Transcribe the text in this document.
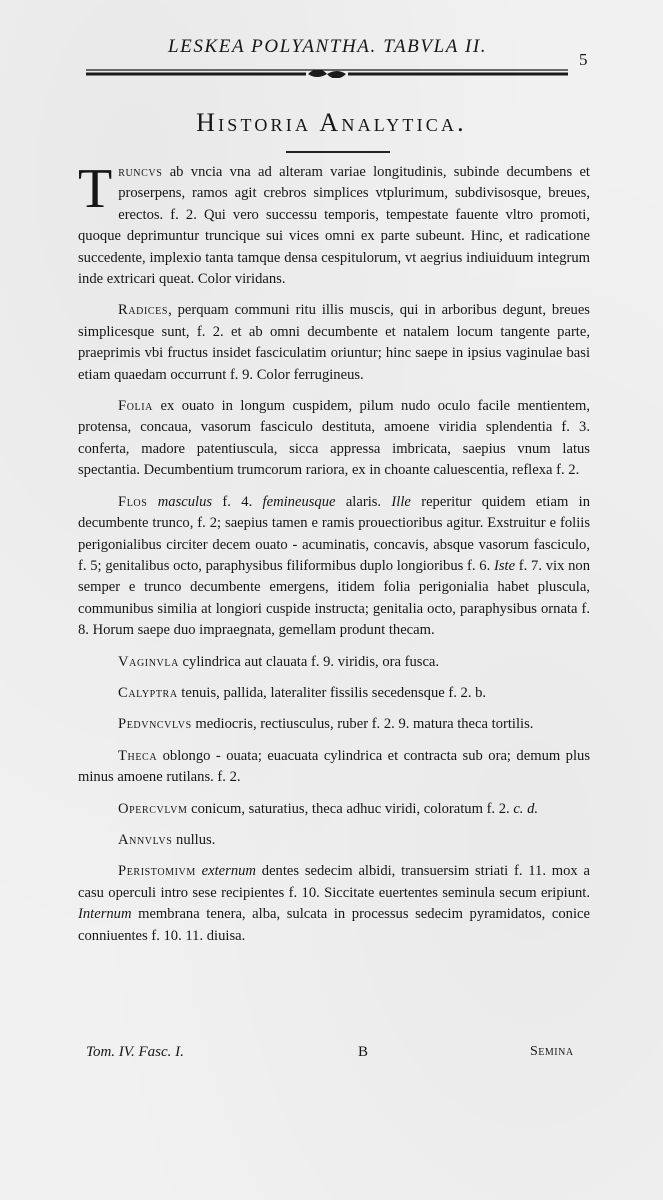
LESKEA POLYANTHA. TABVLA II.
5
Historia Analytica.

Truncvs ab vncia vna ad alteram variae longitudinis, subinde decumbens et proserpens, ramos agit crebros simplices vtplurimum, subdivisosque, breues, erectos. f. 2. Qui vero successu temporis, tempestate fauente vltro promoti, quoque deprimuntur truncique sui vices omni ex parte subeunt. Hinc, et radicatione succedente, implexio tanta tamque densa cespitulorum, vt aegrius indiuiduum integrum inde extricari queat. Color viridans.

Radices, perquam communi ritu illis muscis, qui in arboribus degunt, breues simplicesque sunt, f. 2. et ab omni decumbente et natalem locum tangente parte, praeprimis vbi fructus insidet fasciculatim oriuntur; hinc saepe in ipsius vaginulae basi etiam quaedam occurrunt f. 9. Color ferrugineus.

Folia ex ouato in longum cuspidem, pilum nudo oculo facile mentientem, protensa, concaua, vasorum fasciculo destituta, amoene viridia splendentia f. 3. conferta, madore patentiuscula, sicca appressa imbricata, saepius vnum latus spectantia. Decumbentium trumcorum rariora, ex in choante caluescentia, reflexa f. 2.

Flos masculus f. 4. femineusque alaris. Ille reperitur quidem etiam in decumbente trunco, f. 2; saepius tamen e ramis prouectioribus agitur. Exstruitur e foliis perigonialibus circiter decem ouato - acuminatis, concavis, absque vasorum fasciculo, f. 5; genitalibus octo, paraphysibus filiformibus duplo longioribus f. 6. Iste f. 7. vix non semper e trunco decumbente emergens, itidem folia perigonialia habet pluscula, communibus similia at longiori cuspide instructa; genitalia octo, paraphysibus ornata f. 8. Horum saepe duo impraegnata, gemellam produnt thecam.

Vaginvla cylindrica aut clauata f. 9. viridis, ora fusca.

Calyptra tenuis, pallida, lateraliter fissilis secedensque f. 2. b.

Pedvncvlvs mediocris, rectiusculus, ruber f. 2. 9. matura theca tortilis.

Theca oblongo - ouata; euacuata cylindrica et contracta sub ora; demum plus minus amoene rutilans. f. 2.

Opercvlvm conicum, saturatius, theca adhuc viridi, coloratum f. 2. c. d.

Annvlvs nullus.

Peristomivm externum dentes sedecim albidi, transuersim striati f. 11. mox a casu operculi intro sese recipientes f. 10. Siccitate euertentes seminula secum eripiunt. Internum membrana tenera, alba, sulcata in processus sedecim pyramidatos, conice conniuentes f. 10. 11. diuisa.

Tom. IV. Fasc. I.	B	Semina
